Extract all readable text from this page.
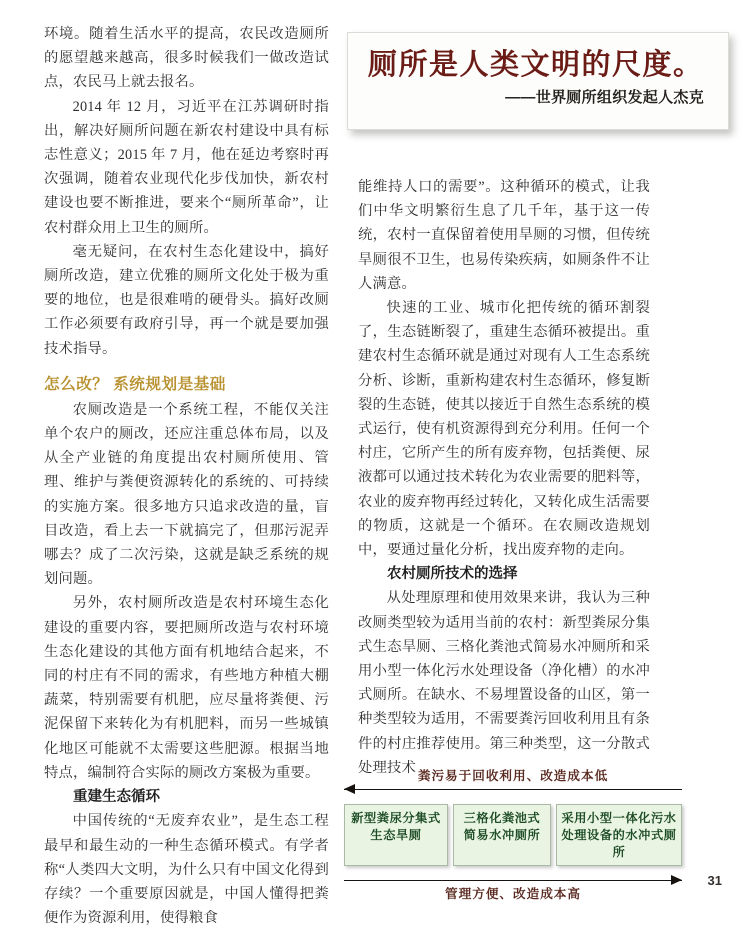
环境。随着生活水平的提高，农民改造厕所的愿望越来越高，很多时候我们一做改造试点，农民马上就去报名。

2014 年 12 月，习近平在江苏调研时指出，解决好厕所问题在新农村建设中具有标志性意义；2015 年 7 月，他在延边考察时再次强调，随着农业现代化步伐加快，新农村建设也要不断推进，要来个“厕所革命”，让农村群众用上卫生的厕所。

毫无疑问，在农村生态化建设中，搞好厕所改造，建立优雅的厕所文化处于极为重要的地位，也是很难啃的硬骨头。搞好改厕工作必须要有政府引导，再一个就是要加强技术指导。

怎么改？ 系统规划是基础

农厕改造是一个系统工程，不能仅关注单个农户的厕改，还应注重总体布局，以及从全产业链的角度提出农村厕所使用、管理、维护与粪便资源转化的系统的、可持续的实施方案。很多地方只追求改造的量，盲目改造，看上去一下就搞完了，但那污泥弄哪去？成了二次污染，这就是缺乏系统的规划问题。

另外，农村厕所改造是农村环境生态化建设的重要内容，要把厕所改造与农村环境生态化建设的其他方面有机地结合起来，不同的村庄有不同的需求，有些地方种植大棚蔬菜，特别需要有机肥，应尽量将粪便、污泥保留下来转化为有机肥料，而另一些城镇化地区可能就不太需要这些肥源。根据当地特点，编制符合实际的厕改方案极为重要。

重建生态循环

中国传统的“无废弃农业”，是生态工程最早和最生动的一种生态循环模式。有学者称“人类四大文明，为什么只有中国文化得到存续？一个重要原因就是，中国人懂得把粪便作为资源利用，使得粮食

厕所是人类文明的尺度。
——世界厕所组织发起人杰克

能维持人口的需要”。这种循环的模式，让我们中华文明繁衍生息了几千年，基于这一传统，农村一直保留着使用旱厕的习惯，但传统旱厕很不卫生，也易传染疾病，如厕条件不让人满意。

快速的工业、城市化把传统的循环割裂了，生态链断裂了，重建生态循环被提出。重建农村生态循环就是通过对现有人工生态系统分析、诊断，重新构建农村生态循环，修复断裂的生态链，使其以接近于自然生态系统的模式运行，使有机资源得到充分利用。任何一个村庄，它所产生的所有废弃物，包括粪便、尿液都可以通过技术转化为农业需要的肥料等，农业的废弃物再经过转化，又转化成生活需要的物质，这就是一个循环。在农厕改造规划中，要通过量化分析，找出废弃物的走向。

农村厕所技术的选择

从处理原理和使用效果来讲，我认为三种改厕类型较为适用当前的农村：新型粪尿分集式生态旱厕、三格化粪池式简易水冲厕所和采用小型一体化污水处理设备（净化槽）的水冲式厕所。在缺水、不易埋置设备的山区，第一种类型较为适用，不需要粪污回收利用且有条件的村庄推荐使用。第三种类型，这一分散式处理技术

粪污易于回收利用、改造成本低
新型粪尿分集式生态旱厕
三格化粪池式简易水冲厕所
采用小型一体化污水处理设备的水冲式厕所
管理方便、改造成本高
31
